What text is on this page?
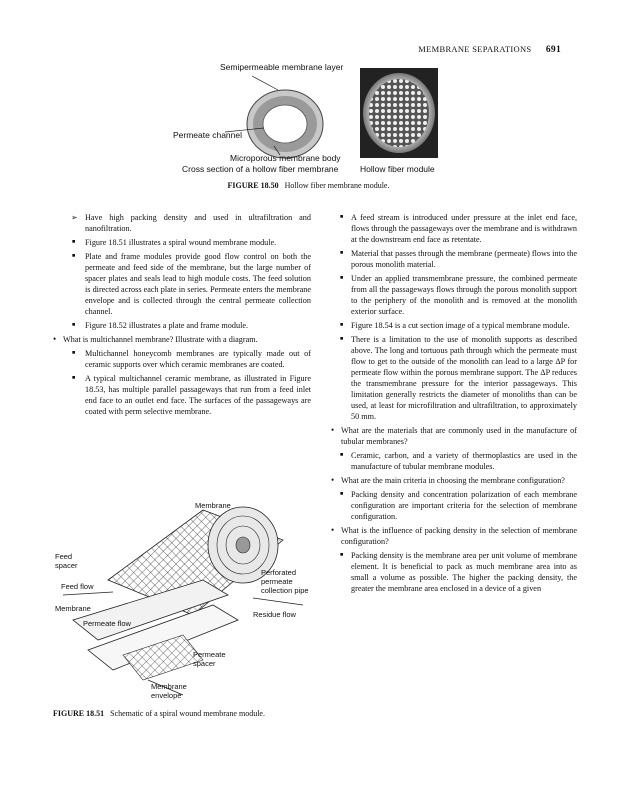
MEMBRANE SEPARATIONS 691
Semipermeable membrane layer
Permeate channel
Microporous membrane body
Cross section of a hollow fiber membrane	Hollow fiber module
FIGURE 18.50 Hollow fiber membrane module.

➢ Have high packing density and used in ultrafiltration and nanofiltration.

■ Figure 18.51 illustrates a spiral wound membrane module.

■ Plate and frame modules provide good flow control on both the permeate and feed side of the membrane, but the large number of spacer plates and seals lead to high module costs. The feed solution is directed across each plate in series. Permeate enters the membrane envelope and is collected through the central permeate collection channel.

■ Figure 18.52 illustrates a plate and frame module.

• What is multichannel membrane? Illustrate with a diagram.

■ Multichannel honeycomb membranes are typically made out of ceramic supports over which ceramic membranes are coated.

■ A typical multichannel ceramic membrane, as illustrated in Figure 18.53, has multiple parallel passageways that run from a feed inlet end face to an outlet end face. The surfaces of the passageways are coated with perm selective membrane.

Membrane
Feed spacer
Feed flow
Membrane
Permeate flow
Perforated permeate collection pipe
Residue flow
Permeate spacer
Membrane envelope
FIGURE 18.51 Schematic of a spiral wound membrane module.

■ A feed stream is introduced under pressure at the inlet end face, flows through the passageways over the membrane and is withdrawn at the downstream end face as retentate.

■ Material that passes through the membrane (permeate) flows into the porous monolith material.

■ Under an applied transmembrane pressure, the combined permeate from all the passageways flows through the porous monolith support to the periphery of the monolith and is removed at the monolith exterior surface.

■ Figure 18.54 is a cut section image of a typical membrane module.

■ There is a limitation to the use of monolith supports as described above. The long and tortuous path through which the permeate must flow to get to the outside of the monolith can lead to a large ΔP for permeate flow within the porous membrane support. The ΔP reduces the transmembrane pressure for the interior passageways. This limitation generally restricts the diameter of monoliths than can be used, at least for microfiltration and ultrafiltration, to approximately 50 mm.

• What are the materials that are commonly used in the manufacture of tubular membranes?

■ Ceramic, carbon, and a variety of thermoplastics are used in the manufacture of tubular membrane modules.

• What are the main criteria in choosing the membrane configuration?

■ Packing density and concentration polarization of each membrane configuration are important criteria for the selection of membrane configuration.

• What is the influence of packing density in the selection of membrane configuration?

■ Packing density is the membrane area per unit volume of membrane element. It is beneficial to pack as much membrane area into as small a volume as possible. The higher the packing density, the greater the membrane area enclosed in a device of a given
